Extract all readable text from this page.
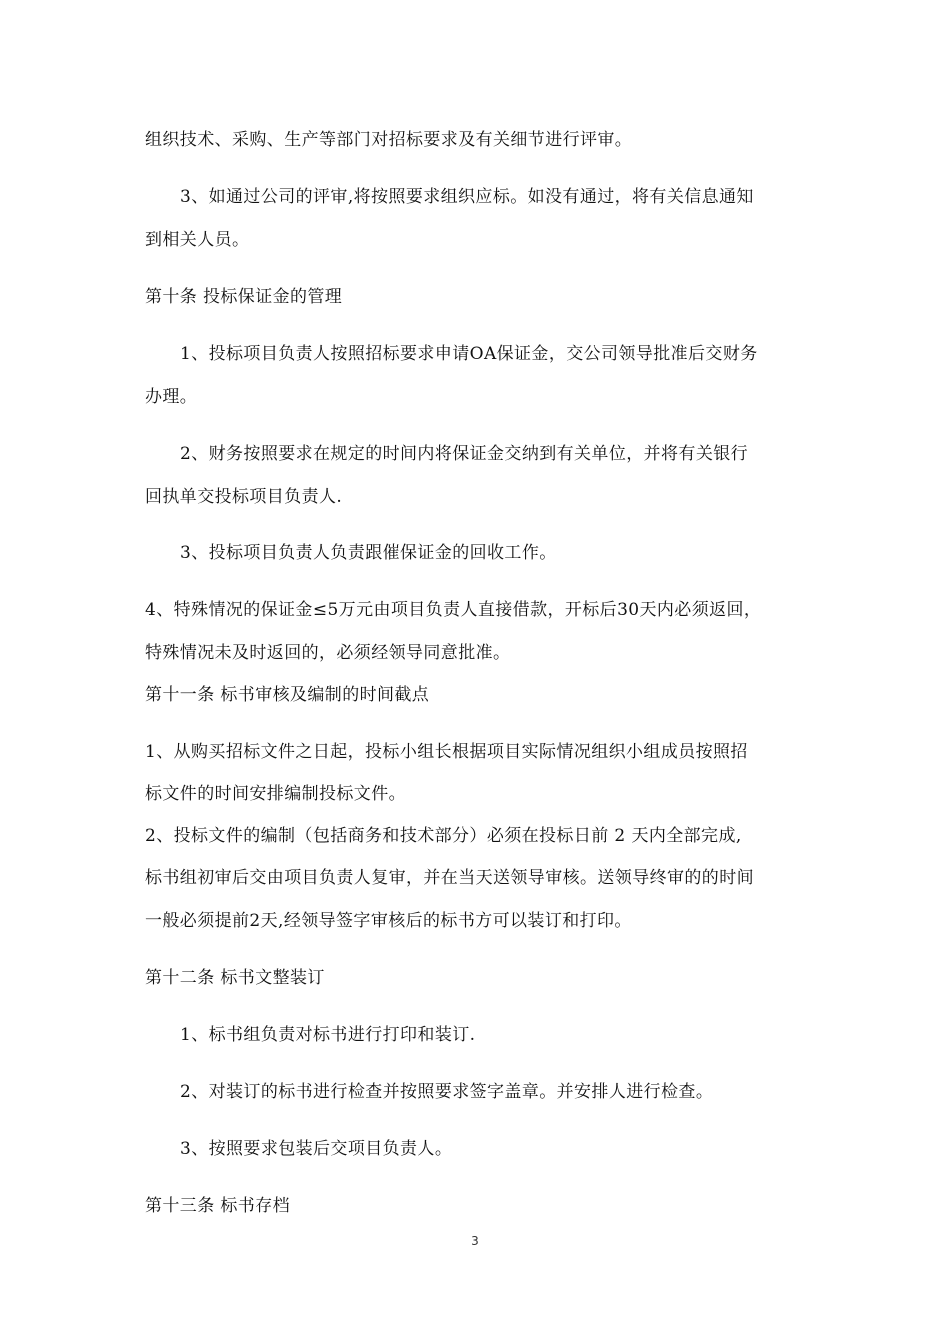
组织技术、采购、生产等部门对招标要求及有关细节进行评审。
3、如通过公司的评审,将按照要求组织应标。如没有通过，将有关信息通知
到相关人员。
第十条 投标保证金的管理
1、投标项目负责人按照招标要求申请OA保证金，交公司领导批准后交财务
办理。
2、财务按照要求在规定的时间内将保证金交纳到有关单位，并将有关银行
回执单交投标项目负责人.
3、投标项目负责人负责跟催保证金的回收工作。
4、特殊情况的保证金≤5万元由项目负责人直接借款，开标后30天内必须返回，
特殊情况未及时返回的，必须经领导同意批准。
第十一条 标书审核及编制的时间截点
1、从购买招标文件之日起，投标小组长根据项目实际情况组织小组成员按照招
标文件的时间安排编制投标文件。
2、投标文件的编制（包括商务和技术部分）必须在投标日前 2 天内全部完成,
标书组初审后交由项目负责人复审，并在当天送领导审核。送领导终审的的时间
一般必须提前2天,经领导签字审核后的标书方可以装订和打印。
第十二条 标书文整装订
1、标书组负责对标书进行打印和装订.
2、对装订的标书进行检查并按照要求签字盖章。并安排人进行检查。
3、按照要求包装后交项目负责人。
第十三条 标书存档
3
